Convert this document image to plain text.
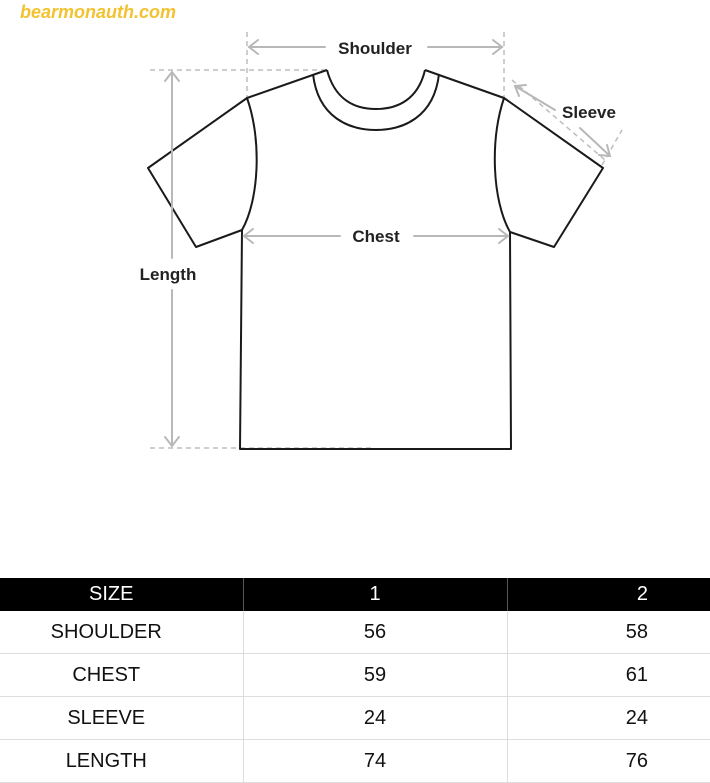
bearmonauth.com
Shoulder
Sleeve
Chest
Length
SIZE	1	2
SHOULDER	56	58
CHEST	59	61
SLEEVE	24	24
LENGTH	74	76
